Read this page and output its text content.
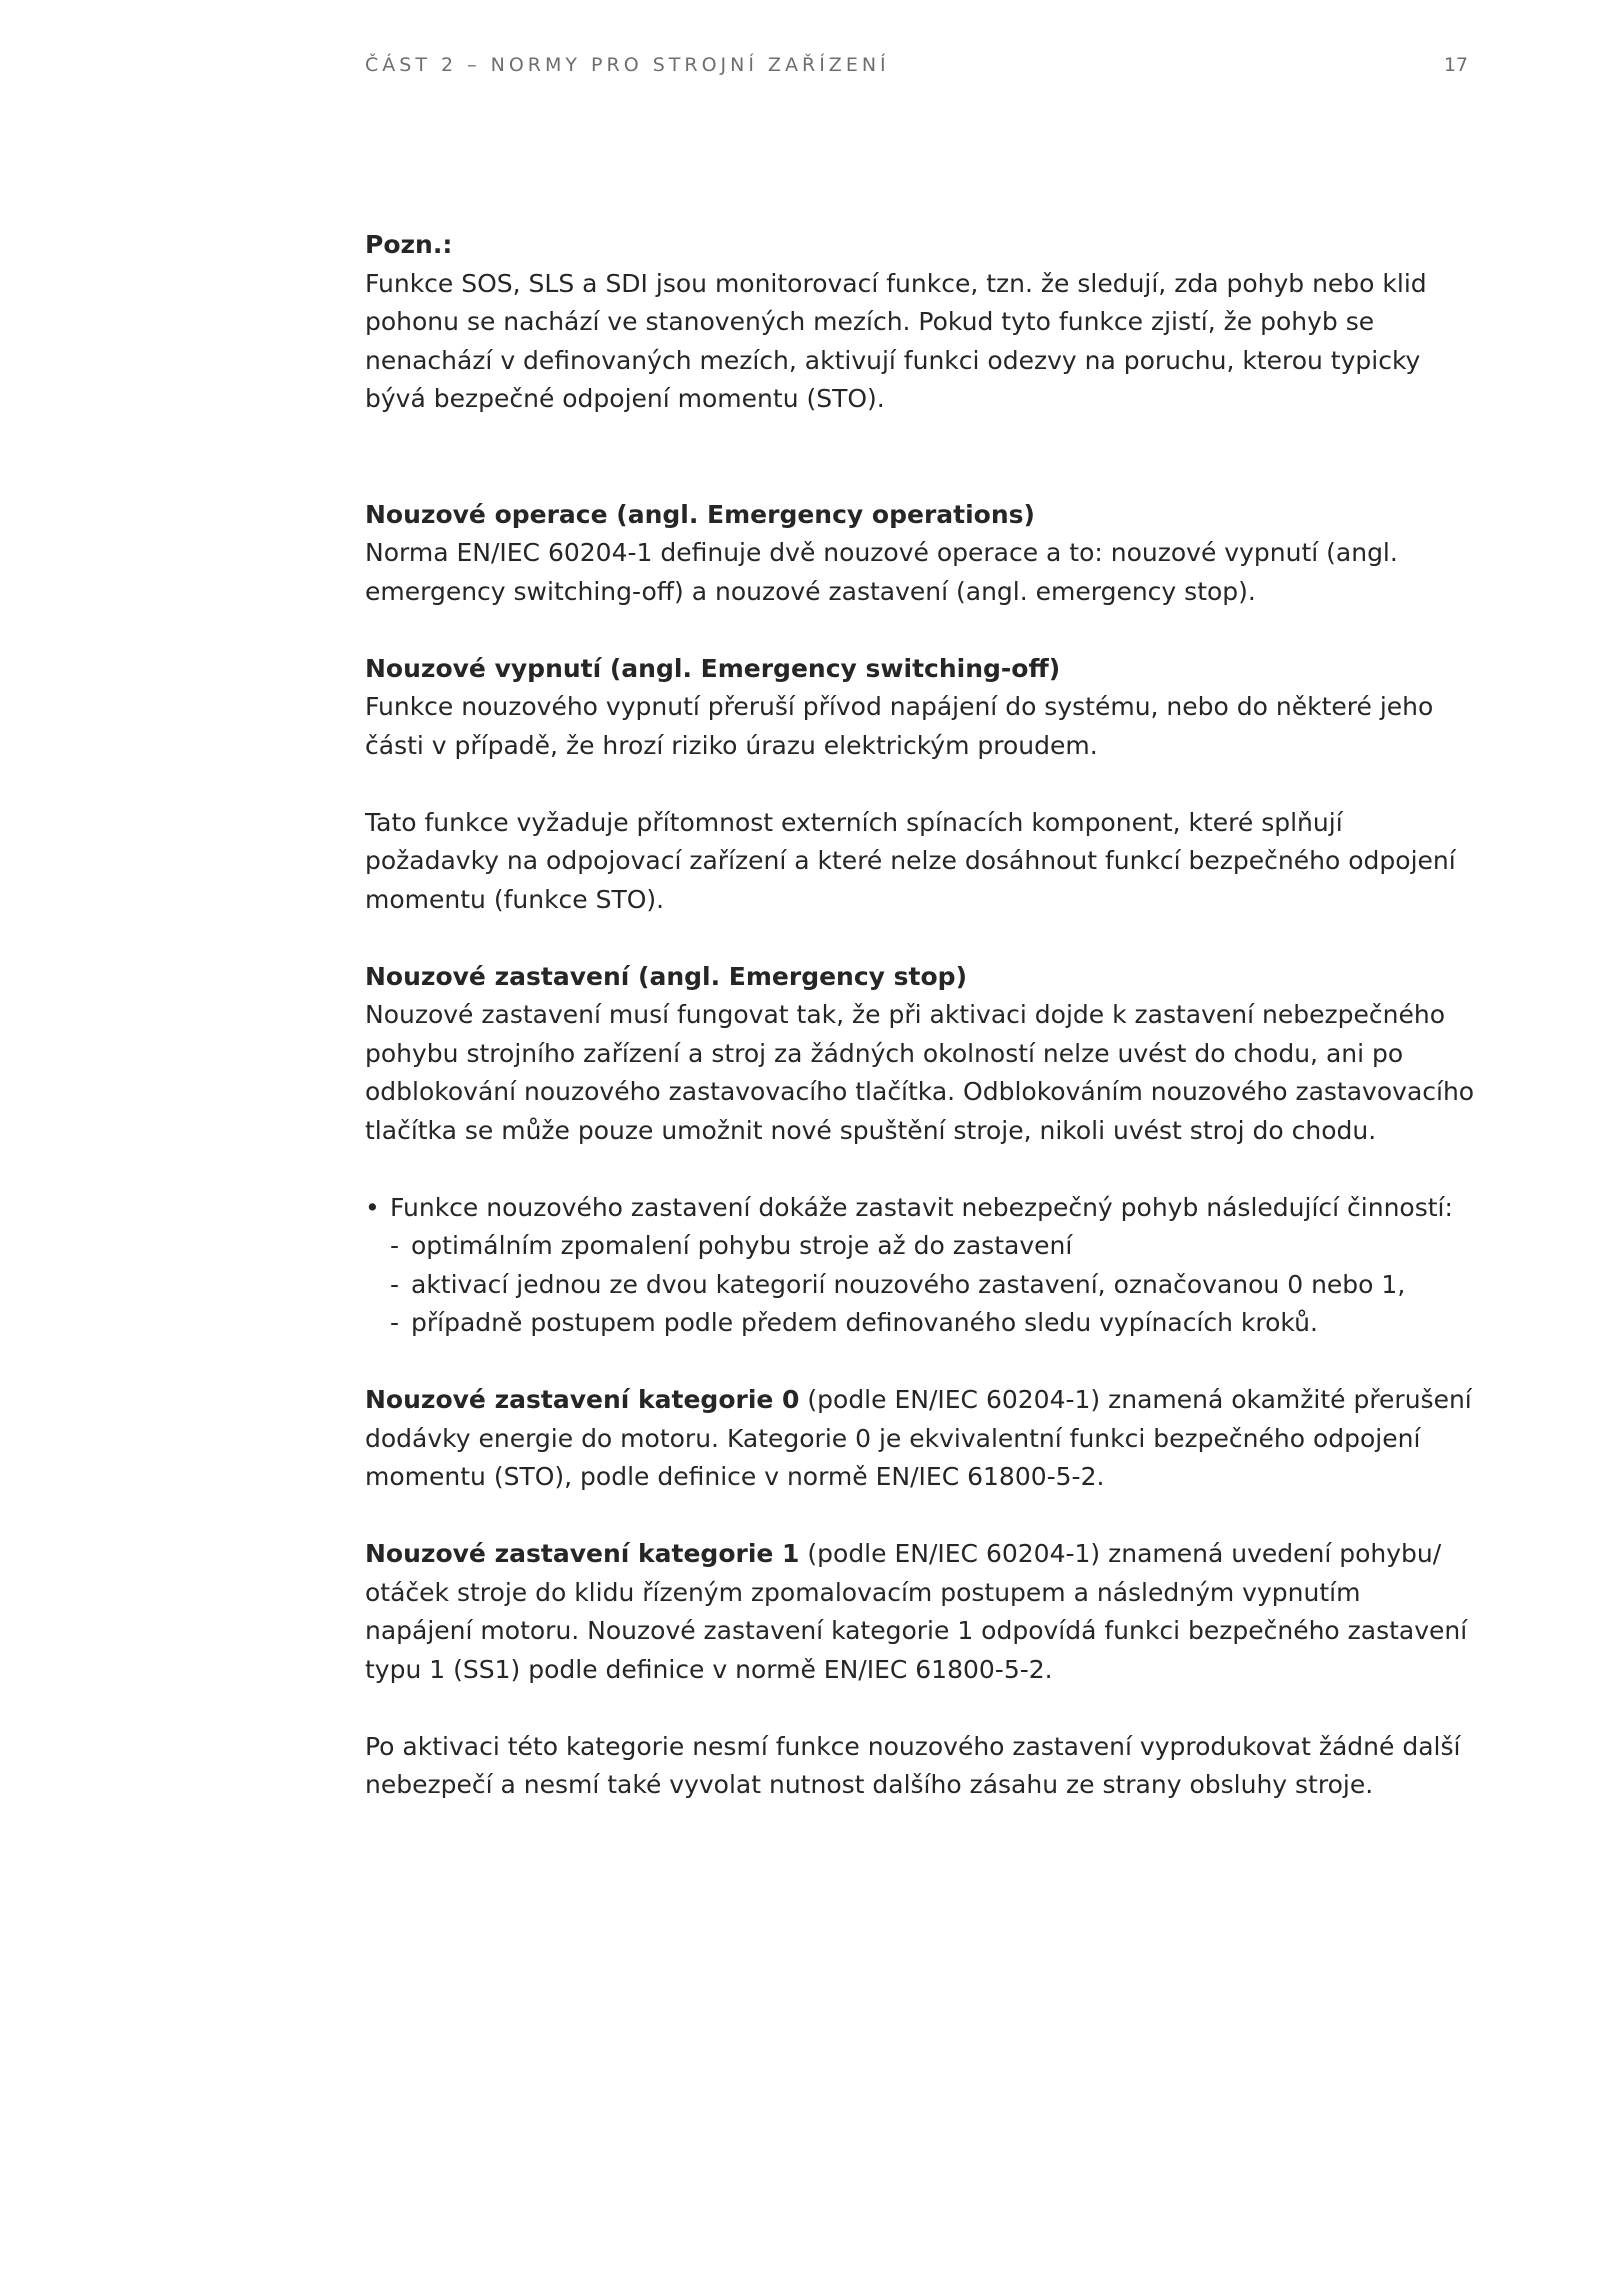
ČÁST 2 – NORMY PRO STROJNÍ ZAŘÍZENÍ	17
Pozn.:
Funkce SOS, SLS a SDI jsou monitorovací funkce, tzn. že sledují, zda pohyb nebo klid pohonu se nachází ve stanovených mezích. Pokud tyto funkce zjistí, že pohyb se nenachází v definovaných mezích, aktivují funkci odezvy na poruchu, kterou typicky bývá bezpečné odpojení momentu (STO).
Nouzové operace (angl. Emergency operations)
Norma EN/IEC 60204-1 definuje dvě nouzové operace a to: nouzové vypnutí (angl. emergency switching-off) a nouzové zastavení (angl. emergency stop).
Nouzové vypnutí (angl. Emergency switching-off)
Funkce nouzového vypnutí přeruší přívod napájení do systému, nebo do některé jeho části v případě, že hrozí riziko úrazu elektrickým proudem.
Tato funkce vyžaduje přítomnost externích spínacích komponent, které splňují požadavky na odpojovací zařízení a které nelze dosáhnout funkcí bezpečného odpojení momentu (funkce STO).
Nouzové zastavení (angl. Emergency stop)
Nouzové zastavení musí fungovat tak, že při aktivaci dojde k zastavení nebezpečného pohybu strojního zařízení a stroj za žádných okolností nelze uvést do chodu, ani po odblokování nouzového zastavovacího tlačítka. Odblokováním nouzového zastavovacího tlačítka se může pouze umožnit nové spuštění stroje, nikoli uvést stroj do chodu.
• Funkce nouzového zastavení dokáže zastavit nebezpečný pohyb následující činností:
- optimálním zpomalení pohybu stroje až do zastavení
- aktivací jednou ze dvou kategorií nouzového zastavení, označovanou 0 nebo 1,
- případně postupem podle předem definovaného sledu vypínacích kroků.
Nouzové zastavení kategorie 0 (podle EN/IEC 60204-1) znamená okamžité přerušení dodávky energie do motoru. Kategorie 0 je ekvivalentní funkci bezpečného odpojení momentu (STO), podle definice v normě EN/IEC 61800-5-2.
Nouzové zastavení kategorie 1 (podle EN/IEC 60204-1) znamená uvedení pohybu/ otáček stroje do klidu řízeným zpomalovacím postupem a následným vypnutím napájení motoru. Nouzové zastavení kategorie 1 odpovídá funkci bezpečného zastavení typu 1 (SS1) podle definice v normě EN/IEC 61800-5-2.
Po aktivaci této kategorie nesmí funkce nouzového zastavení vyprodukovat žádné další nebezpečí a nesmí také vyvolat nutnost dalšího zásahu ze strany obsluhy stroje.
